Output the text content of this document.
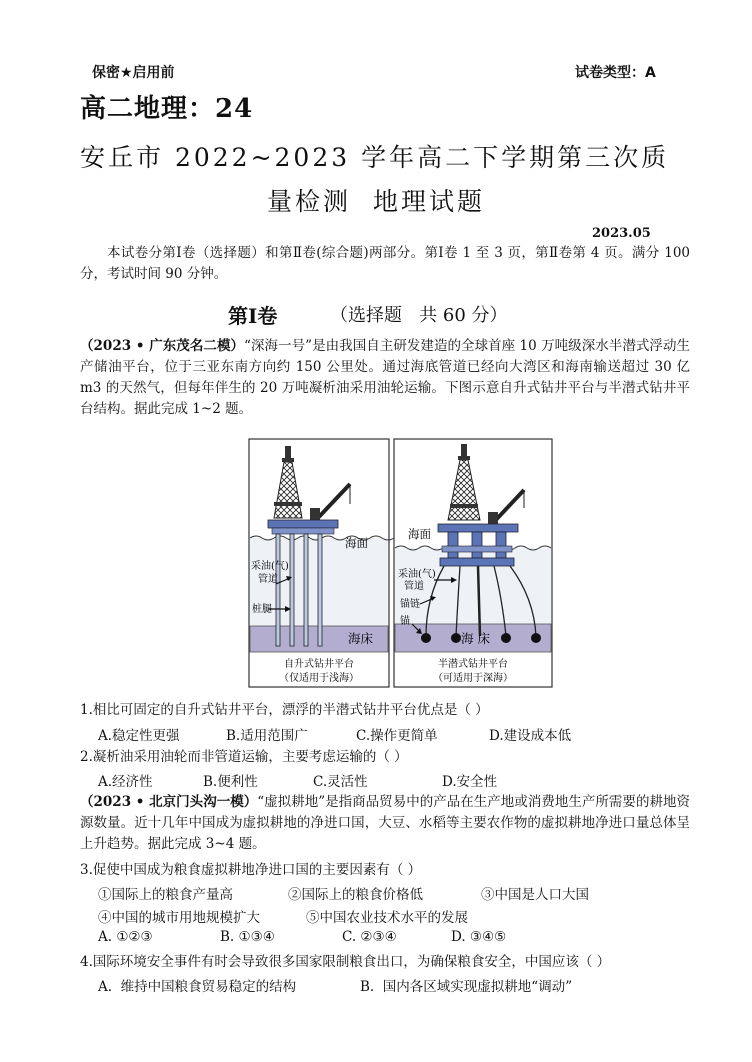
保密★启用前	试卷类型：A
高二地理：24
安丘市 2022~2023 学年高二下学期第三次质
量检测  地理试题
2023.05
本试卷分第Ⅰ卷（选择题）和第Ⅱ卷(综合题)两部分。第Ⅰ卷 1 至 3 页，第Ⅱ卷第 4 页。满分 100 分，考试时间 90 分钟。
第Ⅰ卷	（选择题   共 60 分）
（2023 • 广东茂名二模）“深海一号”是由我国自主研发建造的全球首座 10 万吨级深水半潜式浮动生产储油平台，位于三亚东南方向约 150 公里处。通过海底管道已经向大湾区和海南输送超过 30 亿 m3 的天然气，但每年伴生的 20 万吨凝析油采用油轮运输。下图示意自升式钻井平台与半潜式钻井平台结构。据此完成 1~2 题。
海面
采油(气)
管道
桩腿
海床
自升式钻井平台
（仅适用于浅海）
海面
采油(气)
管道
锚链
锚
海 床
半潜式钻井平台
（可适用于深海）
1.相比可固定的自升式钻井平台，漂浮的半潜式钻井平台优点是（ ）
A.稳定性更强	B.适用范围广	C.操作更简单	D.建设成本低
2.凝析油采用油轮而非管道运输，主要考虑运输的（ ）
A.经济性	B.便利性	C.灵活性	D.安全性
（2023 • 北京门头沟一模）“虚拟耕地”是指商品贸易中的产品在生产地或消费地生产所需要的耕地资源数量。近十几年中国成为虚拟耕地的净进口国，大豆、水稻等主要农作物的虚拟耕地净进口量总体呈上升趋势。据此完成 3~4 题。
3.促使中国成为粮食虚拟耕地净进口国的主要因素有（ ）
①国际上的粮食产量高	②国际上的粮食价格低	③中国是人口大国
④中国的城市用地规模扩大	⑤中国农业技术水平的发展
A. ①②③	B. ①③④	C. ②③④	D. ③④⑤
4.国际环境安全事件有时会导致很多国家限制粮食出口，为确保粮食安全，中国应该（ ）
A.  维持中国粮食贸易稳定的结构	B.  国内各区域实现虚拟耕地“调动”
